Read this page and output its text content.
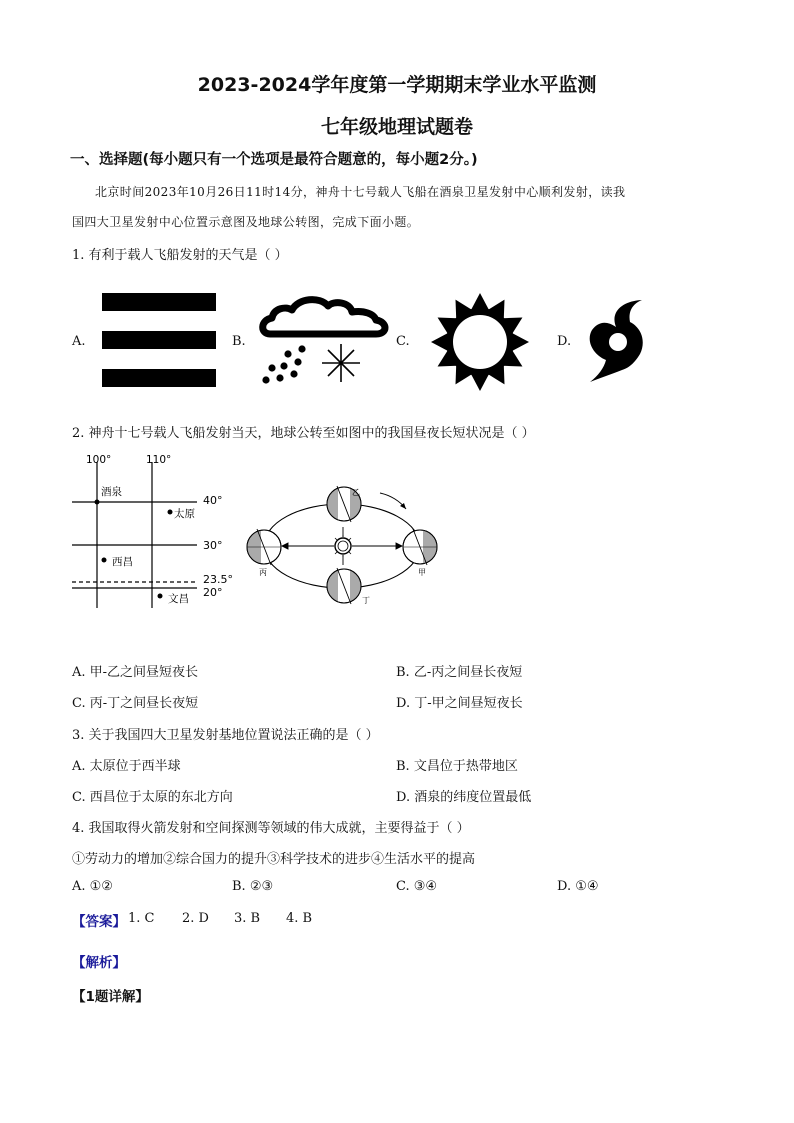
2023-2024学年度第一学期期末学业水平监测
七年级地理试题卷
一、选择题(每小题只有一个选项是最符合题意的，每小题2分。)
北京时间2023年10月26日11时14分，神舟十七号载人飞船在酒泉卫星发射中心顺利发射，读我
国四大卫星发射中心位置示意图及地球公转图，完成下面小题。
1. 有利于载人飞船发射的天气是（ ）
A.	B.	C.	D.
2. 神舟十七号载人飞船发射当天，地球公转至如图中的我国昼夜长短状况是（ ）
100°	110°
40°
30°
23.5°
20°
酒泉
太原
西昌
文昌
丙
乙
甲
丁
A. 甲-乙之间昼短夜长	B. 乙-丙之间昼长夜短
C. 丙-丁之间昼长夜短	D. 丁-甲之间昼短夜长
3. 关于我国四大卫星发射基地位置说法正确的是（ ）
A. 太原位于西半球	B. 文昌位于热带地区
C. 西昌位于太原的东北方向	D. 酒泉的纬度位置最低
4. 我国取得火箭发射和空间探测等领域的伟大成就，主要得益于（ ）
①劳动力的增加②综合国力的提升③科学技术的进步④生活水平的提高
A. ①②	B. ②③	C. ③④	D. ①④
【答案】 1. C 2. D 3. B 4. B
【解析】
【1题详解】
